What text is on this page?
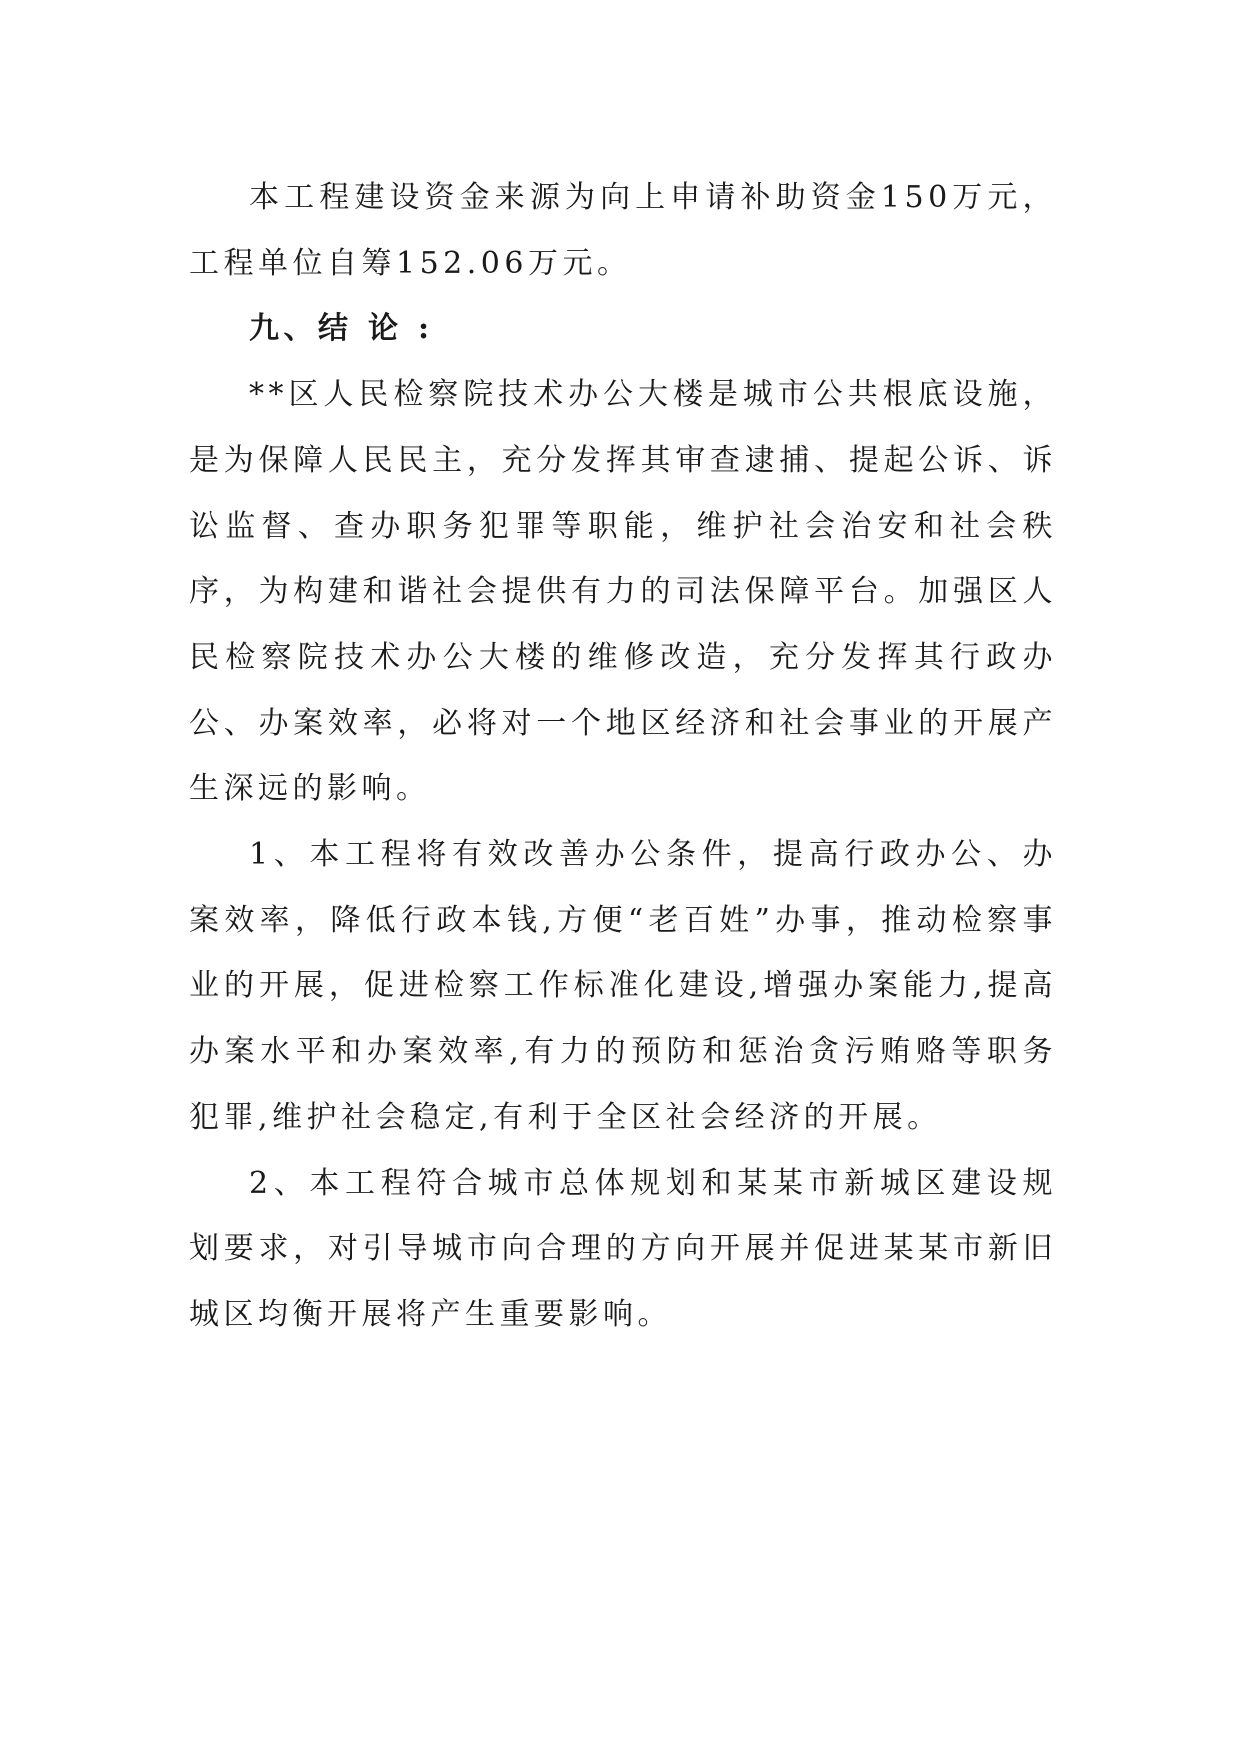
本工程建设资金来源为向上申请补助资金150万元，工程单位自筹152.06万元。

九、结论:

**区人民检察院技术办公大楼是城市公共根底设施，是为保障人民民主，充分发挥其审查逮捕、提起公诉、诉讼监督、查办职务犯罪等职能，维护社会治安和社会秩序，为构建和谐社会提供有力的司法保障平台。加强区人民检察院技术办公大楼的维修改造，充分发挥其行政办公、办案效率，必将对一个地区经济和社会事业的开展产生深远的影响。

1、本工程将有效改善办公条件，提高行政办公、办案效率，降低行政本钱,方便“老百姓”办事，推动检察事业的开展，促进检察工作标准化建设,增强办案能力,提高办案水平和办案效率,有力的预防和惩治贪污贿赂等职务犯罪,维护社会稳定,有利于全区社会经济的开展。

2、本工程符合城市总体规划和某某市新城区建设规划要求，对引导城市向合理的方向开展并促进某某市新旧城区均衡开展将产生重要影响。
